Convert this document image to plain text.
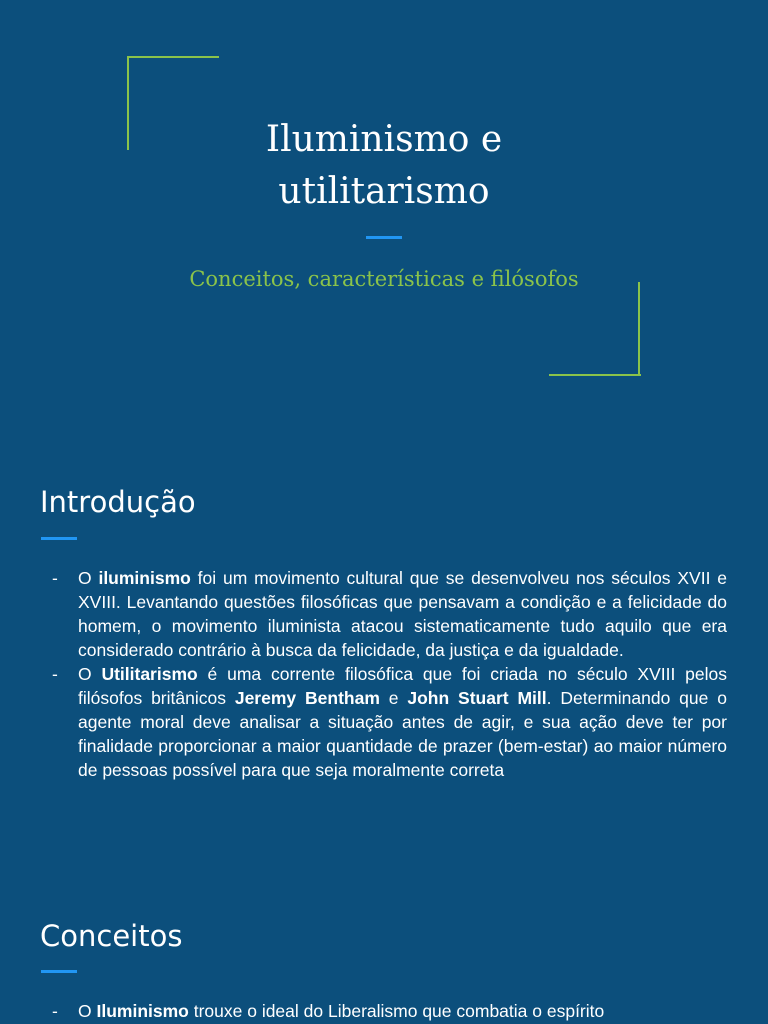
Iluminismo e
utilitarismo

Conceitos, características e filósofos

Introdução
- O iluminismo foi um movimento cultural que se desenvolveu nos séculos XVII e XVIII. Levantando questões filosóficas que pensavam a condição e a felicidade do homem, o movimento iluminista atacou sistematicamente tudo aquilo que era considerado contrário à busca da felicidade, da justiça e da igualdade.
- O Utilitarismo é uma corrente filosófica que foi criada no século XVIII pelos filósofos britânicos Jeremy Bentham e John Stuart Mill. Determinando que o agente moral deve analisar a situação antes de agir, e sua ação deve ter por finalidade proporcionar a maior quantidade de prazer (bem-estar) ao maior número de pessoas possível para que seja moralmente correta
Conceitos
- O Iluminismo trouxe o ideal do Liberalismo que combatia o espírito
